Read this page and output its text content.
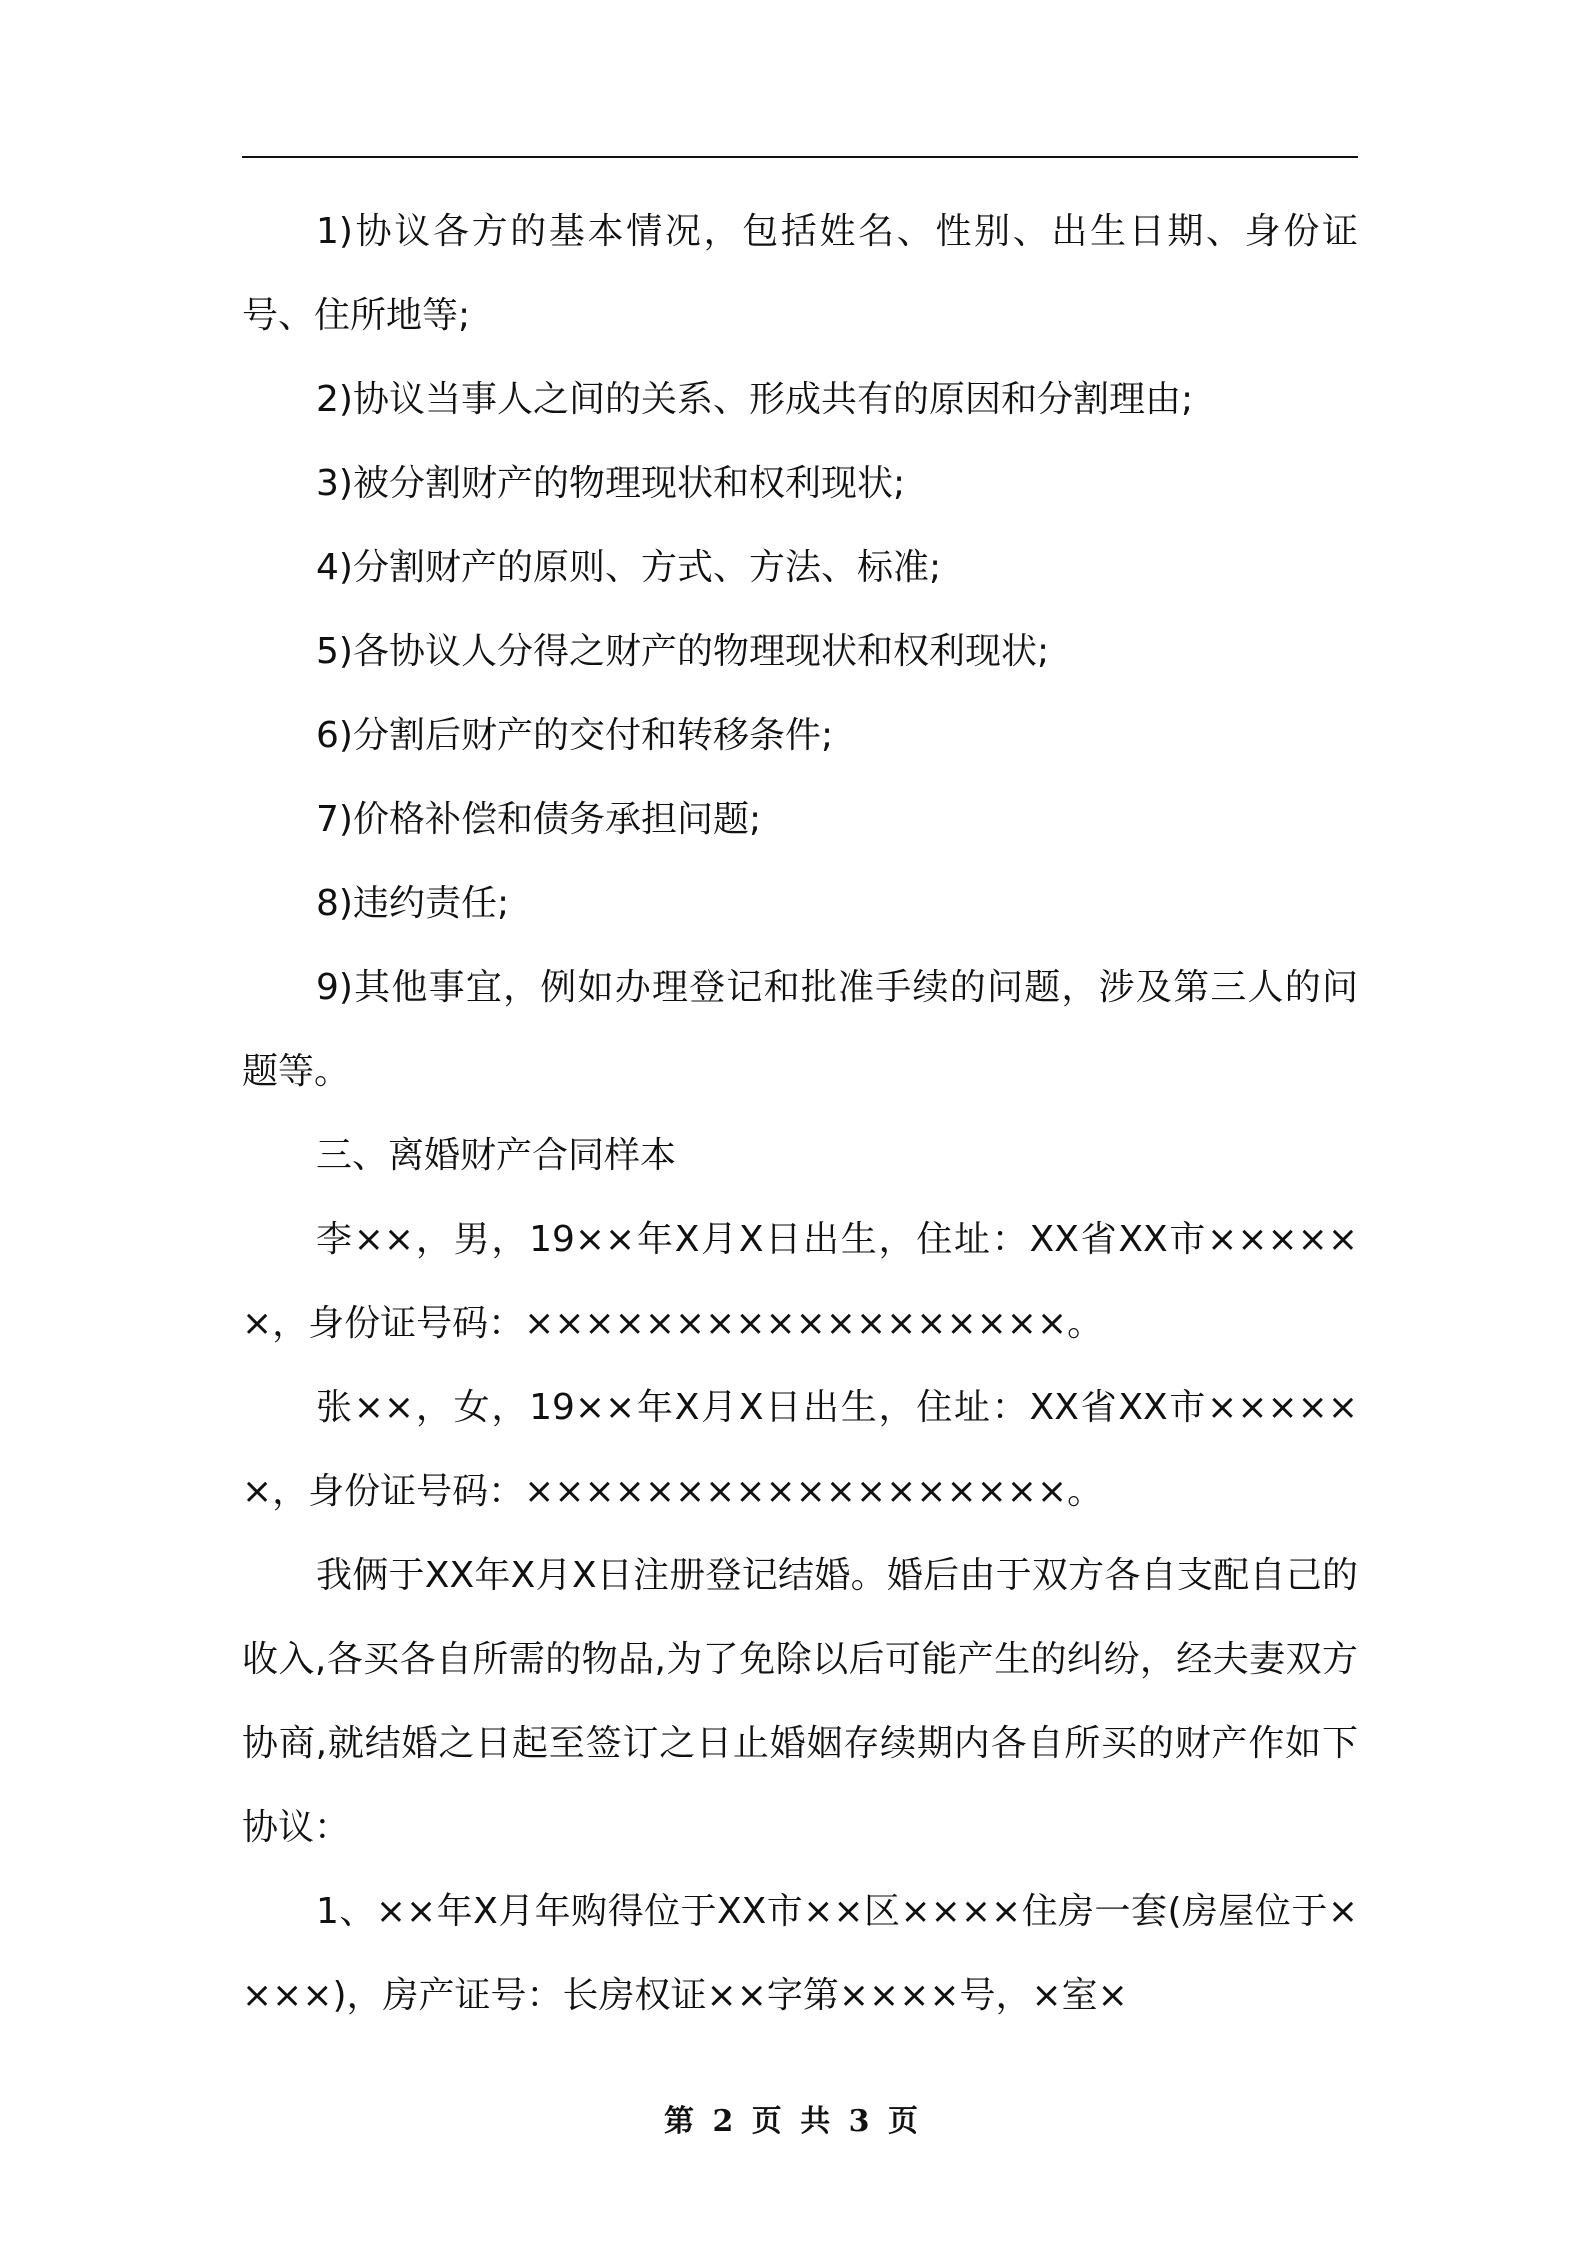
1)协议各方的基本情况，包括姓名、性别、出生日期、身份证号、住所地等;

2)协议当事人之间的关系、形成共有的原因和分割理由;

3)被分割财产的物理现状和权利现状;

4)分割财产的原则、方式、方法、标准;

5)各协议人分得之财产的物理现状和权利现状;

6)分割后财产的交付和转移条件;

7)价格补偿和债务承担问题;

8)违约责任;

9)其他事宜，例如办理登记和批准手续的问题，涉及第三人的问题等。

三、离婚财产合同样本

李××，男，19××年X月X日出生，住址：XX省XX市××××××，身份证号码：××××××××××××××××××。

张××，女，19××年X月X日出生，住址：XX省XX市××××××，身份证号码：××××××××××××××××××。

我俩于XX年X月X日注册登记结婚。婚后由于双方各自支配自己的收入,各买各自所需的物品,为了免除以后可能产生的纠纷，经夫妻双方协商,就结婚之日起至签订之日止婚姻存续期内各自所买的财产作如下协议：

1、××年X月年购得位于XX市××区××××住房一套(房屋位于××××)，房产证号：长房权证××字第××××号，×室×

第 2 页 共 3 页
